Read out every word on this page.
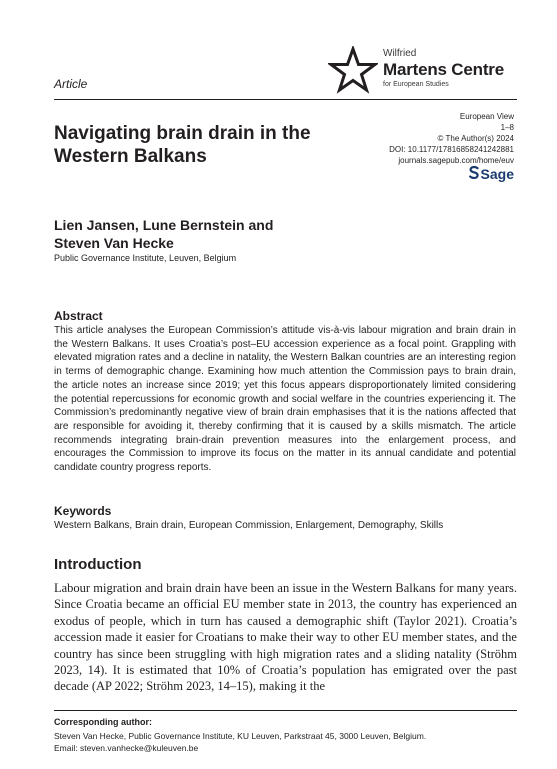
Article
Wilfried
Martens Centre
for European Studies
Navigating brain drain in the Western Balkans
European View
1–8
© The Author(s) 2024
DOI: 10.1177/17816858241242881
journals.sagepub.com/home/euv
Sage
Lien Jansen, Lune Bernstein and Steven Van Hecke
Public Governance Institute, Leuven, Belgium
Abstract
This article analyses the European Commission’s attitude vis-à-vis labour migration and brain drain in the Western Balkans. It uses Croatia’s post–EU accession experience as a focal point. Grappling with elevated migration rates and a decline in natality, the Western Balkan countries are an interesting region in terms of demographic change. Examining how much attention the Commission pays to brain drain, the article notes an increase since 2019; yet this focus appears disproportionately limited considering the potential repercussions for economic growth and social welfare in the countries experiencing it. The Commission’s predominantly negative view of brain drain emphasises that it is the nations affected that are responsible for avoiding it, thereby confirming that it is caused by a skills mismatch. The article recommends integrating brain-drain prevention measures into the enlargement process, and encourages the Commission to improve its focus on the matter in its annual candidate and potential candidate country progress reports.
Keywords
Western Balkans, Brain drain, European Commission, Enlargement, Demography, Skills
Introduction
Labour migration and brain drain have been an issue in the Western Balkans for many years. Since Croatia became an official EU member state in 2013, the country has experienced an exodus of people, which in turn has caused a demographic shift (Taylor 2021). Croatia’s accession made it easier for Croatians to make their way to other EU member states, and the country has since been struggling with high migration rates and a sliding natality (Ströhm 2023, 14). It is estimated that 10% of Croatia’s population has emigrated over the past decade (AP 2022; Ströhm 2023, 14–15), making it the
Corresponding author:
Steven Van Hecke, Public Governance Institute, KU Leuven, Parkstraat 45, 3000 Leuven, Belgium.
Email: steven.vanhecke@kuleuven.be
